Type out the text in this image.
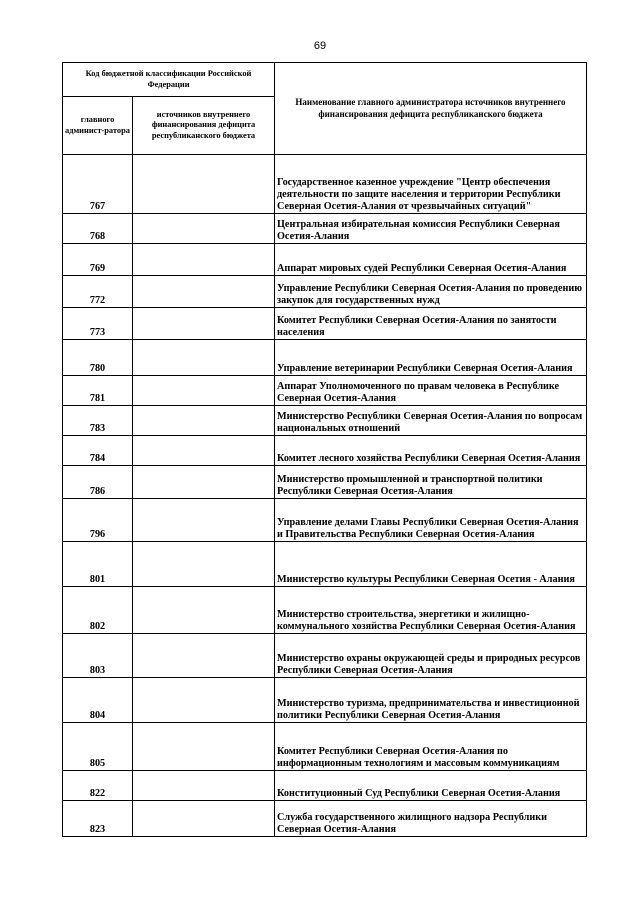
69
Код бюджетной классификации Российской Федерации		Наименование главного администратора источников внутреннего финансирования дефицита республиканского бюджета
главного админист-ратора	источников внутреннего финансирования дефицита республиканского бюджета	
767		Государственное казенное учреждение "Центр обеспечения деятельности по защите населения и территории Республики Северная Осетия-Алания от чрезвычайных ситуаций"
768		Центральная избирательная комиссия Республики Северная Осетия-Алания
769		Аппарат мировых судей Республики Северная Осетия-Алания
772		Управление Республики Северная Осетия-Алания по проведению закупок для государственных нужд
773		Комитет Республики Северная Осетия-Алания по занятости населения
780		Управление ветеринарии Республики Северная Осетия-Алания
781		Аппарат Уполномоченного по правам человека в Республике Северная Осетия-Алания
783		Министерство Республики Северная Осетия-Алания по вопросам национальных отношений
784		Комитет лесного хозяйства Республики Северная Осетия-Алания
786		Министерство промышленной и транспортной политики Республики Северная Осетия-Алания
796		Управление делами Главы Республики Северная Осетия-Алания и Правительства Республики Северная Осетия-Алания
801		Министерство культуры Республики Северная Осетия - Алания
802		Министерство строительства, энергетики и жилищно-коммунального хозяйства Республики Северная Осетия-Алания
803		Министерство охраны окружающей среды и природных ресурсов Республики Северная Осетия-Алания
804		Министерство туризма, предпринимательства и инвестиционной политики Республики Северная Осетия-Алания
805		Комитет Республики Северная Осетия-Алания по информационным технологиям и массовым коммуникациям
822		Конституционный Суд Республики Северная Осетия-Алания
823		Служба государственного жилищного надзора Республики Северная Осетия-Алания
